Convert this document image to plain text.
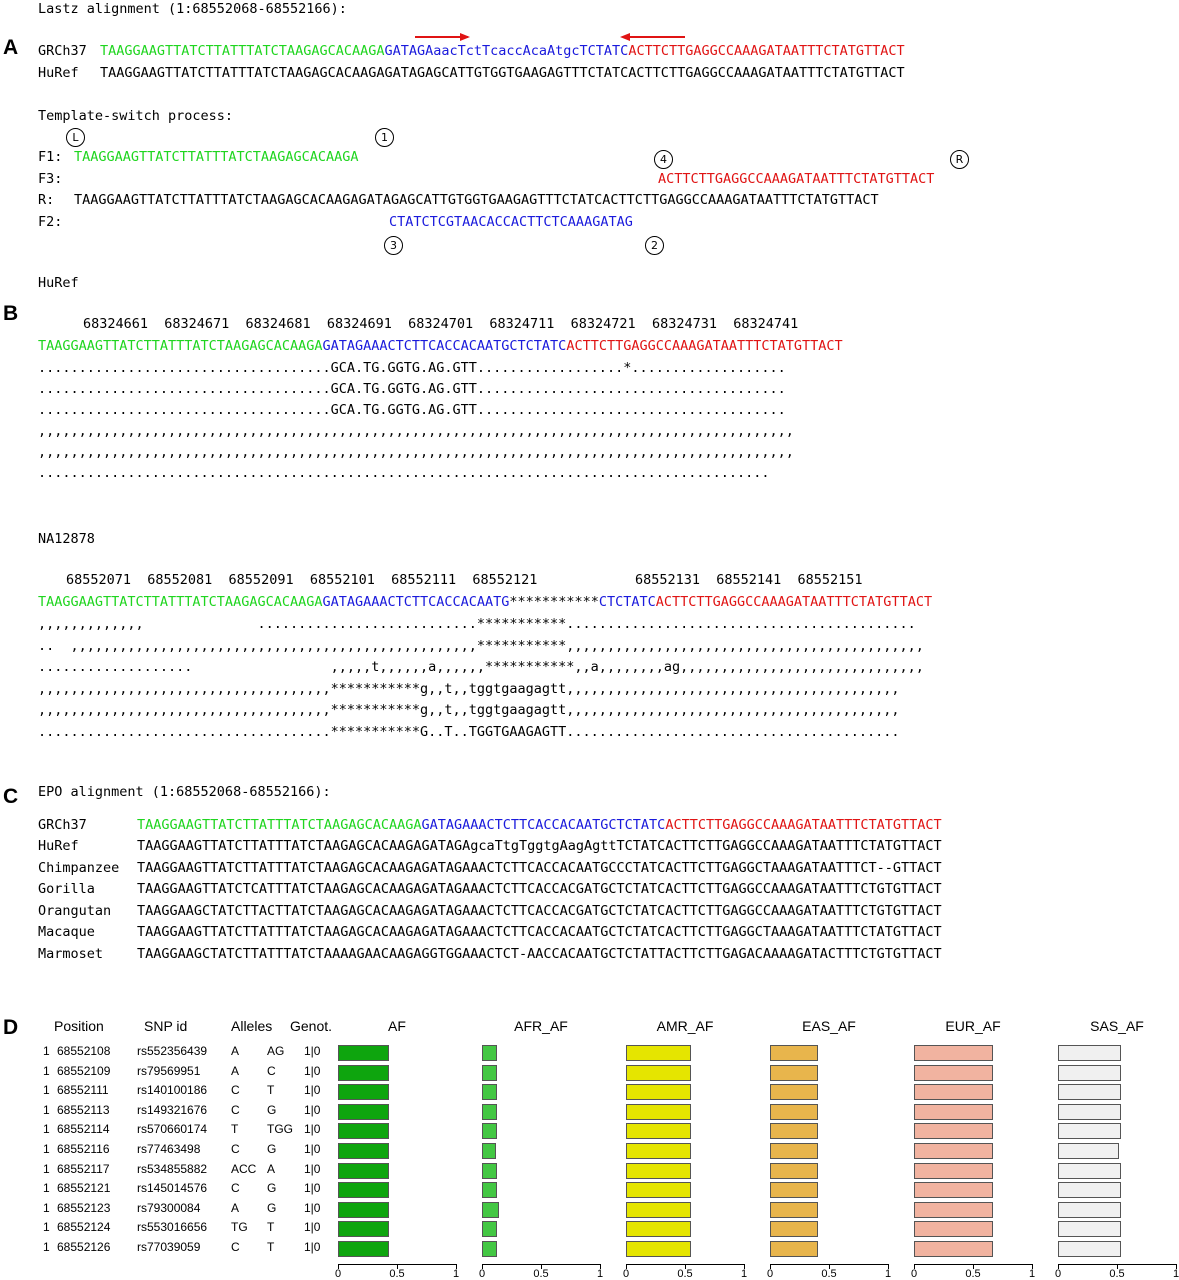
A
Lastz alignment (1:68552068-68552166):
GRCh37 TAAGGAAGTTATCTTATTTATCTAAGAGCACAAGAGATAGAaacTctTcaccAcaAtgcTCTATCACTTCTTGAGGCCAAAGATAATTTCTATGTTACT
HuRef TAAGGAAGTTATCTTATTTATCTAAGAGCACAAGAGATAGAGCATTGTGGTGAAGAGTTTCTATCACTTCTTGAGGCCAAAGATAATTTCTATGTTACT
Template-switch process:
L	1
4	R
F1: TAAGGAAGTTATCTTATTTATCTAAGAGCACAAGA
F3:	ACTTCTTGAGGCCAAAGATAATTTCTATGTTACT
R: TAAGGAAGTTATCTTATTTATCTAAGAGCACAAGAGATAGAGCATTGTGGTGAAGAGTTTCTATCACTTCTTGAGGCCAAAGATAATTTCTATGTTACT
F2:	CTATCTCGTAACACCACTTCTCAAAGATAG
3	2
B
HuRef
68324661  68324671  68324681  68324691  68324701  68324711  68324721  68324731  68324741
TAAGGAAGTTATCTTATTTATCTAAGAGCACAAGAGATAGAAACTCTTCACCACAATGCTCTATCACTTCTTGAGGCCAAAGATAATTTCTATGTTACT
....................................GCA.TG.GGTG.AG.GTT..................*...................
....................................GCA.TG.GGTG.AG.GTT......................................
....................................GCA.TG.GGTG.AG.GTT......................................
,,,,,,,,,,,,,,,,,,,,,,,,,,,,,,,,,,,,,,,,,,,,,,,,,,,,,,,,,,,,,,,,,,,,,,,,,,,,,,,,,,,,,,,,,,,,,
,,,,,,,,,,,,,,,,,,,,,,,,,,,,,,,,,,,,,,,,,,,,,,,,,,,,,,,,,,,,,,,,,,,,,,,,,,,,,,,,,,,,,,,,,,,,,
..........................................................................................
NA12878
68552071  68552081  68552091  68552101  68552111  68552121            68552131  68552141  68552151
TAAGGAAGTTATCTTATTTATCTAAGAGCACAAGAGATAGAAACTCTTCACCACAATG***********CTCTATCACTTCTTGAGGCCAAAGATAATTTCTATGTTACT
,,,,,,,,,,,,,              ...........................***********...........................................
..  ,,,,,,,,,,,,,,,,,,,,,,,,,,,,,,,,,,,,,,,,,,,,,,,,,,***********,,,,,,,,,,,,,,,,,,,,,,,,,,,,,,,,,,,,,,,,,,,,
...................                 ,,,,,t,,,,,,a,,,,,,***********,,a,,,,,,,,ag,,,,,,,,,,,,,,,,,,,,,,,,,,,,,,
,,,,,,,,,,,,,,,,,,,,,,,,,,,,,,,,,,,,***********g,,t,,tggtgaagagtt,,,,,,,,,,,,,,,,,,,,,,,,,,,,,,,,,,,,,,,,,
,,,,,,,,,,,,,,,,,,,,,,,,,,,,,,,,,,,,***********g,,t,,tggtgaagagtt,,,,,,,,,,,,,,,,,,,,,,,,,,,,,,,,,,,,,,,,,
....................................***********G..T..TGGTGAAGAGTT.........................................
C EPO alignment (1:68552068-68552166):
GRCh37	TAAGGAAGTTATCTTATTTATCTAAGAGCACAAGAGATAGAAACTCTTCACCACAATGCTCTATCACTTCTTGAGGCCAAAGATAATTTCTATGTTACT
HuRef	TAAGGAAGTTATCTTATTTATCTAAGAGCACAAGAGATAGAgcaTtgTggtgAagAgttTCTATCACTTCTTGAGGCCAAAGATAATTTCTATGTTACT
Chimpanzee TAAGGAAGTTATCTTATTTATCTAAGAGCACAAGAGATAGAAACTCTTCACCACAATGCCCTATCACTTCTTGAGGCTAAAGATAATTTCT--GTTACT
Gorilla	TAAGGAAGTTATCTCATTTATCTAAGAGCACAAGAGATAGAAACTCTTCACCACGATGCTCTATCACTTCTTGAGGCCAAAGATAATTTCTGTGTTACT
Orangutan TAAGGAAGCTATCTTACTTATCTAAGAGCACAAGAGATAGAAACTCTTCACCACGATGCTCTATCACTTCTTGAGGCCAAAGATAATTTCTGTGTTACT
Macaque	TAAGGAAGTTATCTTATTTATCTAAGAGCACAAGAGATAGAAACTCTTCACCACAATGCTCTATCACTTCTTGAGGCTAAAGATAATTTCTATGTTACT
Marmoset	TAAGGAAGCTATCTTATTTATCTAAAAGAACAAGAGGTGGAAACTCT-AACCACAATGCTCTATTACTTCTTGAGACAAAAGATACTTTCTGTGTTACT
D	Position	SNP id	Alleles Genot.
1 68552108 rs552356439 A AG 1|0
1 68552109 rs79569951	A C 1|0
1 68552111 rs140100186 C T 1|0
1 68552113 rs149321676 C G 1|0
1 68552114 rs570660174 T TGG 1|0
1 68552116 rs77463498	C G 1|0
1 68552117 rs534855882 ACC A 1|0
1 68552121 rs145014576 C G 1|0
1 68552123 rs79300084	A G 1|0
1 68552124 rs553016656 TG T 1|0
1 68552126 rs77039059	C T 1|0
AF
0	0.5	1
AFR_AF
0	0.5	1
AMR_AF
0	0.5	1
EAS_AF
0	0.5	1
EUR_AF
0	0.5	1
SAS_AF
0	0.5	1
